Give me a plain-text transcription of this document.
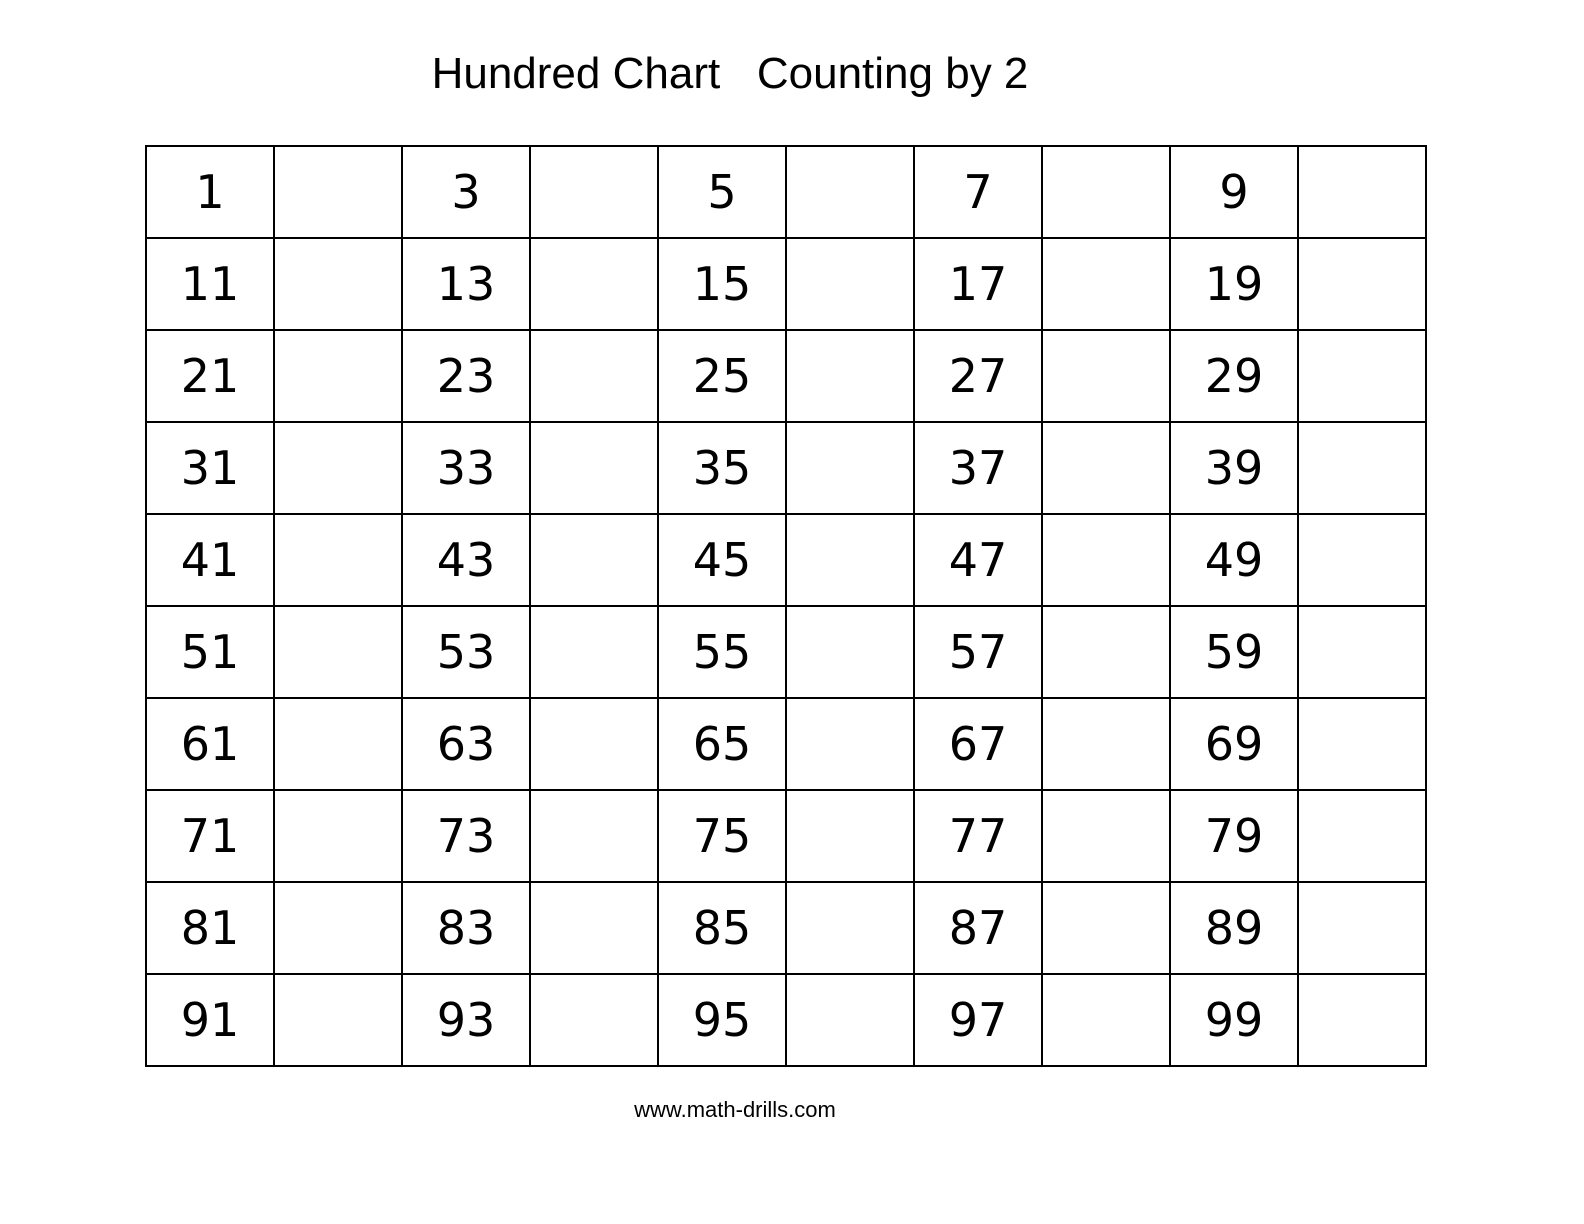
Hundred Chart   Counting by 2
1		3		5		7		9	
11		13		15		17		19	
21		23		25		27		29	
31		33		35		37		39	
41		43		45		47		49	
51		53		55		57		59	
61		63		65		67		69	
71		73		75		77		79	
81		83		85		87		89	
91		93		95		97		99	
www.math-drills.com
